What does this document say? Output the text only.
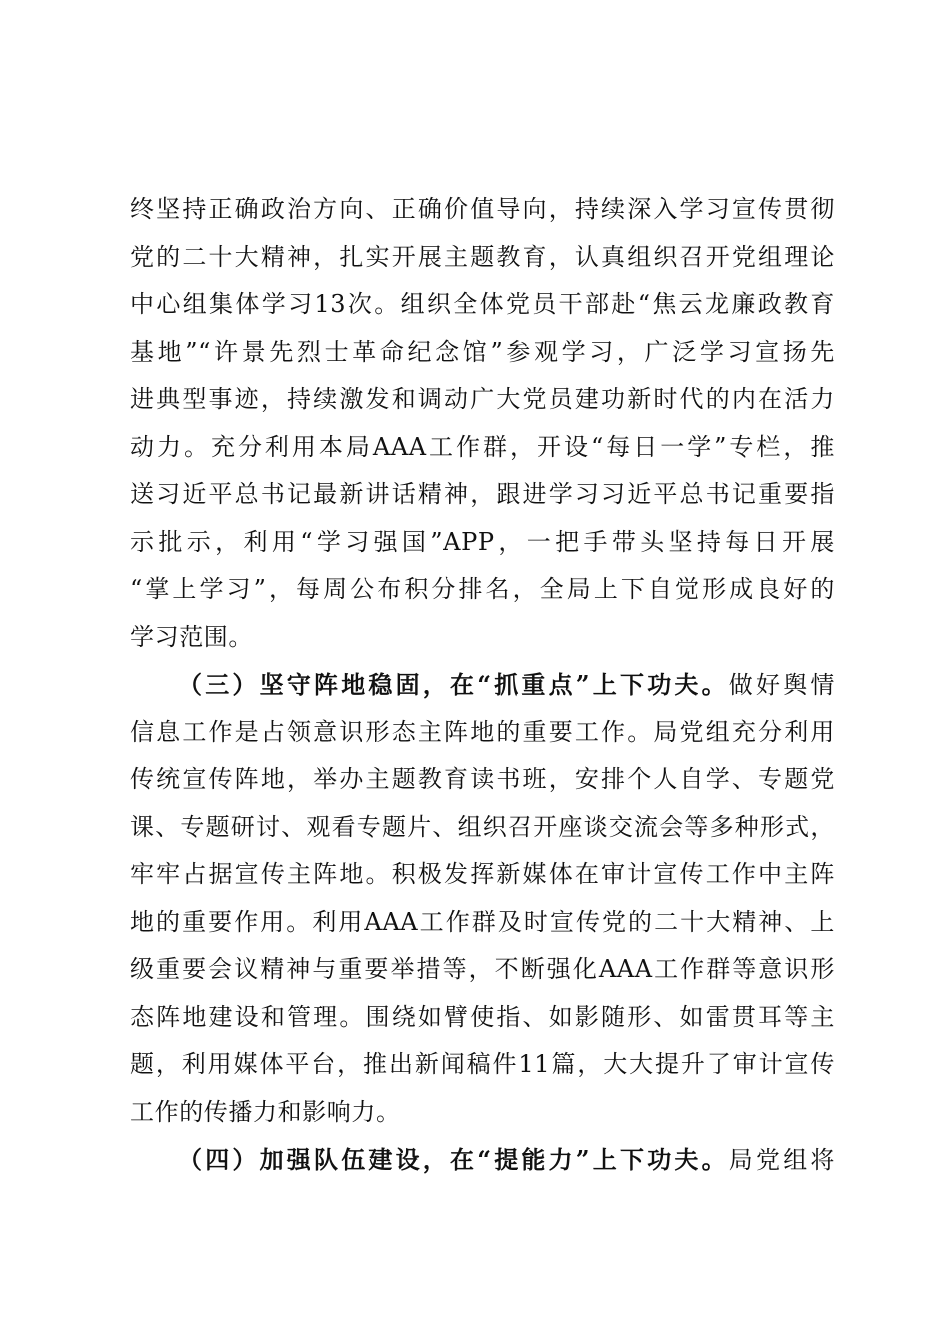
终坚持正确政治方向、正确价值导向，持续深入学习宣传贯彻
党的二十大精神，扎实开展主题教育，认真组织召开党组理论
中心组集体学习13次。组织全体党员干部赴“焦云龙廉政教育
基地”“许景先烈士革命纪念馆”参观学习，广泛学习宣扬先
进典型事迹，持续激发和调动广大党员建功新时代的内在活力
动力。充分利用本局AAA工作群，开设“每日一学”专栏，推
送习近平总书记最新讲话精神，跟进学习习近平总书记重要指
示批示，利用“学习强国”APP，一把手带头坚持每日开展
“掌上学习”，每周公布积分排名，全局上下自觉形成良好的
学习范围。
（三）坚守阵地稳固，在“抓重点”上下功夫。做好舆情
信息工作是占领意识形态主阵地的重要工作。局党组充分利用
传统宣传阵地，举办主题教育读书班，安排个人自学、专题党
课、专题研讨、观看专题片、组织召开座谈交流会等多种形式，
牢牢占据宣传主阵地。积极发挥新媒体在审计宣传工作中主阵
地的重要作用。利用AAA工作群及时宣传党的二十大精神、上
级重要会议精神与重要举措等，不断强化AAA工作群等意识形
态阵地建设和管理。围绕如臂使指、如影随形、如雷贯耳等主
题，利用媒体平台，推出新闻稿件11篇，大大提升了审计宣传
工作的传播力和影响力。
（四）加强队伍建设，在“提能力”上下功夫。局党组将
